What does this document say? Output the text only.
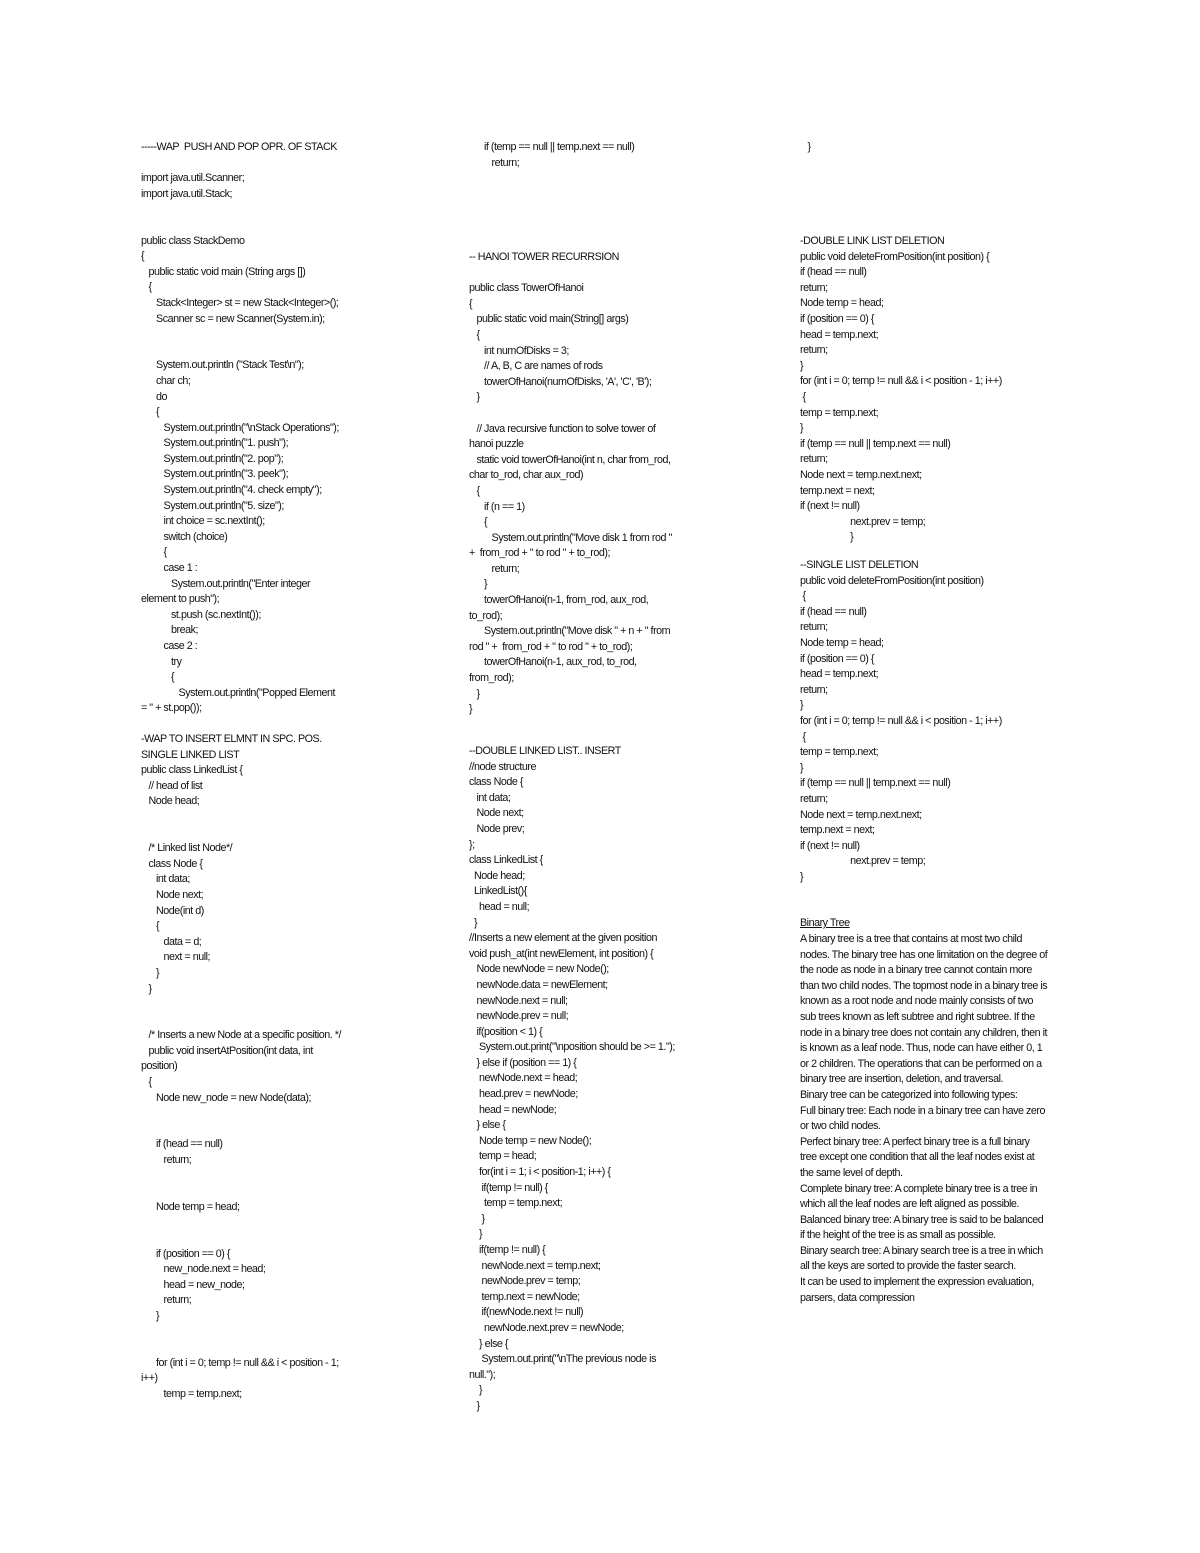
-----WAP  PUSH AND POP OPR. OF STACK

import java.util.Scanner;
import java.util.Stack;

public class StackDemo
{
public static void main (String args [])
{
Stack<Integer> st = new Stack<Integer>();
Scanner sc = new Scanner(System.in);

System.out.println ("Stack Test\n");
char ch;
do
{
System.out.println("\nStack Operations");
System.out.println("1. push");
System.out.println("2. pop");
System.out.println("3. peek");
System.out.println("4. check empty");
System.out.println("5. size");
int choice = sc.nextInt();
switch (choice)
{
case 1 :
System.out.println("Enter integer
element to push");
st.push (sc.nextInt());
break;
case 2 :
try
{
System.out.println("Popped Element
= " + st.pop());
-WAP TO INSERT ELMNT IN SPC. POS.
SINGLE LINKED LIST
public class LinkedList {
// head of list
Node head;

/* Linked list Node*/
class Node {
int data;
Node next;
Node(int d)
{
data = d;
next = null;
}
}

/* Inserts a new Node at a specific position. */
public void insertAtPosition(int data, int
position)
{
Node new_node = new Node(data);

if (head == null)
return;

Node temp = head;

if (position == 0) {
new_node.next = head;
head = new_node;
return;
}

for (int i = 0; temp != null && i < position - 1;
i++)
temp = temp.next;
if (temp == null || temp.next == null)
return;
-- HANOI TOWER RECURRSION

public class TowerOfHanoi
{
public static void main(String[] args)
{
int numOfDisks = 3;
// A, B, C are names of rods
towerOfHanoi(numOfDisks, 'A', 'C', 'B');
}

// Java recursive function to solve tower of
hanoi puzzle
static void towerOfHanoi(int n, char from_rod,
char to_rod, char aux_rod)
{
if (n == 1)
{
System.out.println("Move disk 1 from rod "
+  from_rod + " to rod " + to_rod);
return;
}
towerOfHanoi(n-1, from_rod, aux_rod,
to_rod);
System.out.println("Move disk " + n + " from
rod " +  from_rod + " to rod " + to_rod);
towerOfHanoi(n-1, aux_rod, to_rod,
from_rod);
}
}
--DOUBLE LINKED LIST.. INSERT
//node structure
class Node {
int data;
Node next;
Node prev;
};
class LinkedList {
Node head;
LinkedList(){
head = null;
}
//Inserts a new element at the given position
void push_at(int newElement, int position) {
Node newNode = new Node();
newNode.data = newElement;
newNode.next = null;
newNode.prev = null;
if(position < 1) {
System.out.print("\nposition should be >= 1.");
} else if (position == 1) {
newNode.next = head;
head.prev = newNode;
head = newNode;
} else {
Node temp = new Node();
temp = head;
for(int i = 1; i < position-1; i++) {
if(temp != null) {
temp = temp.next;
}
}
if(temp != null) {
newNode.next = temp.next;
newNode.prev = temp;
temp.next = newNode;
if(newNode.next != null)
newNode.next.prev = newNode;
} else {
System.out.print("\nThe previous node is
null.");
}
}
}
-DOUBLE LINK LIST DELETION
public void deleteFromPosition(int position) {
if (head == null)
return;
Node temp = head;
if (position == 0) {
head = temp.next;
return;
}
for (int i = 0; temp != null && i < position - 1; i++)
{
temp = temp.next;
}
if (temp == null || temp.next == null)
return;
Node next = temp.next.next;
temp.next = next;
if (next != null)
next.prev = temp;
}
--SINGLE LIST DELETION
public void deleteFromPosition(int position)
{
if (head == null)
return;
Node temp = head;
if (position == 0) {
head = temp.next;
return;
}
for (int i = 0; temp != null && i < position - 1; i++)
{
temp = temp.next;
}
if (temp == null || temp.next == null)
return;
Node next = temp.next.next;
temp.next = next;
if (next != null)
next.prev = temp;
}
Binary Tree
A binary tree is a tree that contains at most two child nodes. The binary tree has one limitation on the degree of the node as node in a binary tree cannot contain more than two child nodes. The topmost node in a binary tree is known as a root node and node mainly consists of two sub trees known as left subtree and right subtree. If the node in a binary tree does not contain any children, then it is known as a leaf node. Thus, node can have either 0, 1 or 2 children. The operations that can be performed on a binary tree are insertion, deletion, and traversal.
Binary tree can be categorized into following types:
Full binary tree: Each node in a binary tree can have zero or two child nodes.
Perfect binary tree: A perfect binary tree is a full binary tree except one condition that all the leaf nodes exist at the same level of depth.
Complete binary tree: A complete binary tree is a tree in which all the leaf nodes are left aligned as possible.
Balanced binary tree: A binary tree is said to be balanced if the height of the tree is as small as possible.
Binary search tree: A binary search tree is a tree in which all the keys are sorted to provide the faster search.
It can be used to implement the expression evaluation, parsers, data compression
